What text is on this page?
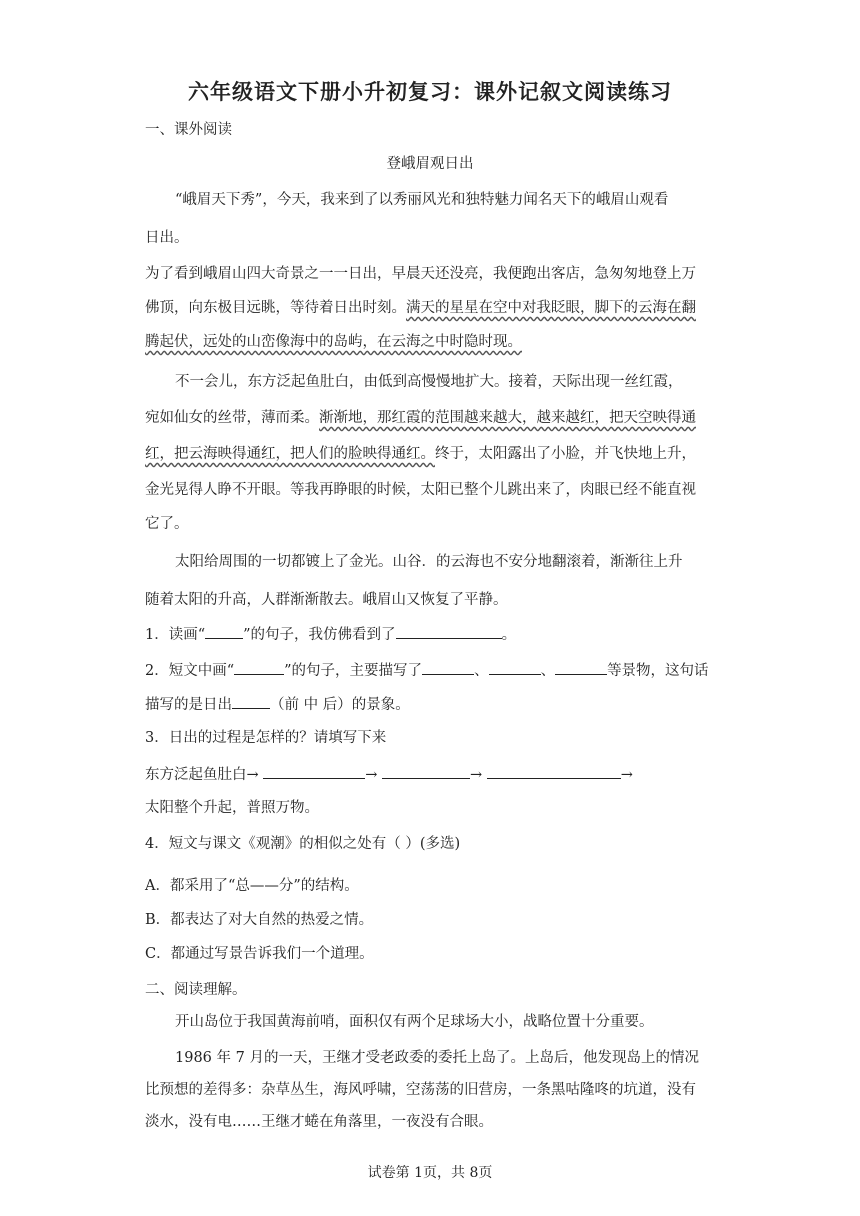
六年级语文下册小升初复习：课外记叙文阅读练习
一、课外阅读
登峨眉观日出
“峨眉天下秀”，今天，我来到了以秀丽风光和独特魅力闻名天下的峨眉山观看
日出。
为了看到峨眉山四大奇景之一一日出，早晨天还没亮，我便跑出客店，急匆匆地登上万
佛顶，向东极目远眺，等待着日出时刻。满天的星星在空中对我眨眼，脚下的云海在翻
腾起伏，远处的山峦像海中的岛屿，在云海之中时隐时现。
不一会儿，东方泛起鱼肚白，由低到高慢慢地扩大。接着，天际出现一丝红霞，
宛如仙女的丝带，薄而柔。渐渐地，那红霞的范围越来越大，越来越红，把天空映得通
红，把云海映得通红，把人们的脸映得通红。终于，太阳露出了小脸，并飞快地上升，
金光晃得人睁不开眼。等我再睁眼的时候，太阳已整个儿跳出来了，肉眼已经不能直视
它了。
太阳给周围的一切都镀上了金光。山谷．的云海也不安分地翻滚着，渐渐往上升
随着太阳的升高，人群渐渐散去。峨眉山又恢复了平静。
1．读画“	”的句子，我仿佛看到了	。
2．短文中画“	”的句子，主要描写了	、	、	等景物，这句话
描写的是日出	（前 中 后）的景象。
3．日出的过程是怎样的？请填写下来
东方泛起鱼肚白→	→	→	→
太阳整个升起，普照万物。
4．短文与课文《观潮》的相似之处有（ ）(多选)
A．都采用了“总——分”的结构。
B．都表达了对大自然的热爱之情。
C．都通过写景告诉我们一个道理。
二、阅读理解。
开山岛位于我国黄海前哨，面积仅有两个足球场大小，战略位置十分重要。
1986 年 7 月的一天，王继才受老政委的委托上岛了。上岛后，他发现岛上的情况
比预想的差得多：杂草丛生，海风呼啸，空荡荡的旧营房，一条黑咕隆咚的坑道，没有
淡水，没有电……王继才蜷在角落里，一夜没有合眼。
试卷第 1页，共 8页
